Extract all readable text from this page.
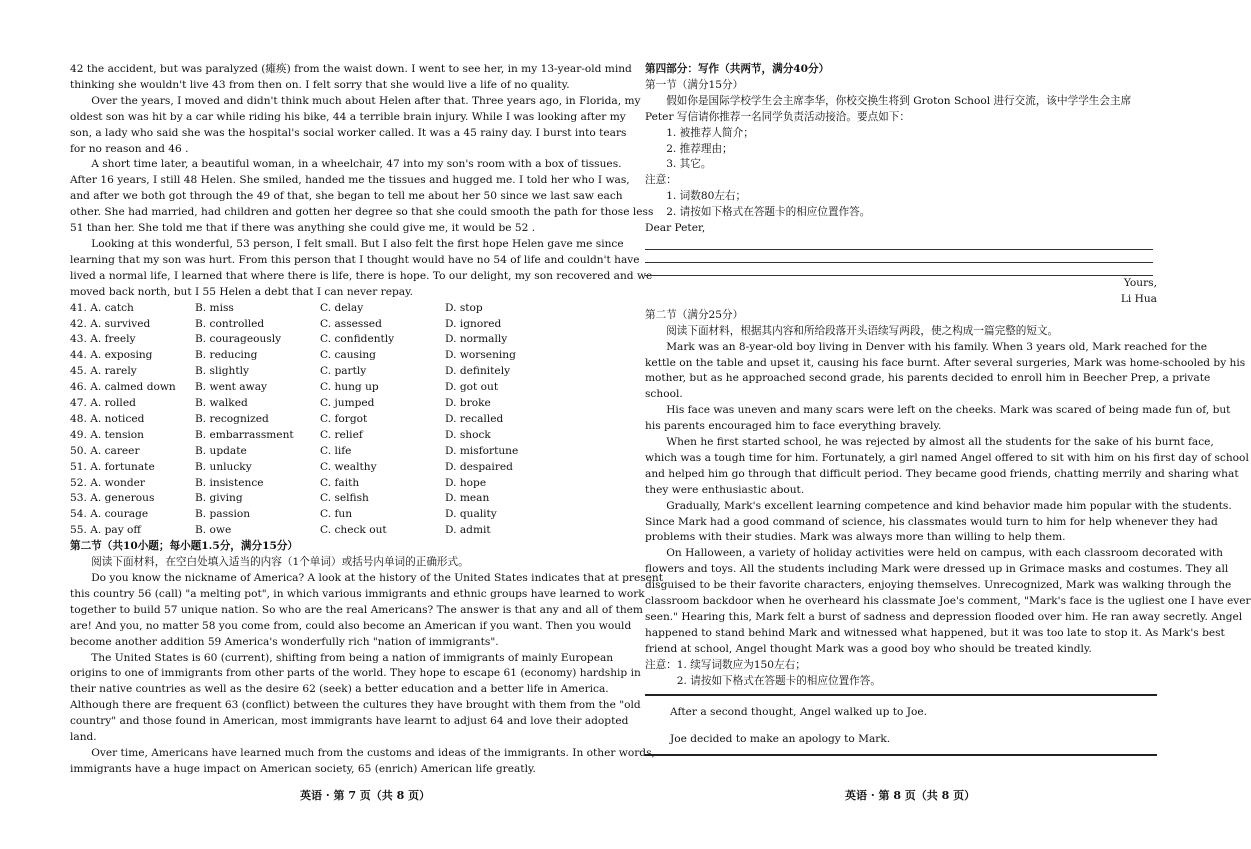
42 the accident, but was paralyzed (瘫痪) from the waist down. I went to see her, in my 13-year-old mind

thinking she wouldn't live 43 from then on. I felt sorry that she would live a life of no quality.

Over the years, I moved and didn't think much about Helen after that. Three years ago, in Florida, my

oldest son was hit by a car while riding his bike, 44 a terrible brain injury. While I was looking after my

son, a lady who said she was the hospital's social worker called. It was a 45 rainy day. I burst into tears

for no reason and 46 .

A short time later, a beautiful woman, in a wheelchair, 47 into my son's room with a box of tissues.

After 16 years, I still 48 Helen. She smiled, handed me the tissues and hugged me. I told her who I was,

and after we both got through the 49 of that, she began to tell me about her 50 since we last saw each

other. She had married, had children and gotten her degree so that she could smooth the path for those less

51 than her. She told me that if there was anything she could give me, it would be 52 .

Looking at this wonderful, 53 person, I felt small. But I also felt the first hope Helen gave me since

learning that my son was hurt. From this person that I thought would have no 54 of life and couldn't have

lived a normal life, I learned that where there is life, there is hope. To our delight, my son recovered and we

moved back north, but I 55 Helen a debt that I can never repay.

41. A. catch	B. miss	C. delay	D. stop
42. A. survived	B. controlled	C. assessed	D. ignored
43. A. freely	B. courageously	C. confidently	D. normally
44. A. exposing	B. reducing	C. causing	D. worsening
45. A. rarely	B. slightly	C. partly	D. definitely
46. A. calmed down	B. went away	C. hung up	D. got out
47. A. rolled	B. walked	C. jumped	D. broke
48. A. noticed	B. recognized	C. forgot	D. recalled
49. A. tension	B. embarrassment	C. relief	D. shock
50. A. career	B. update	C. life	D. misfortune
51. A. fortunate	B. unlucky	C. wealthy	D. despaired
52. A. wonder	B. insistence	C. faith	D. hope
53. A. generous	B. giving	C. selfish	D. mean
54. A. courage	B. passion	C. fun	D. quality
55. A. pay off	B. owe	C. check out	D. admit

第二节（共10小题；每小题1.5分，满分15分）

阅读下面材料，在空白处填入适当的内容（1个单词）或括号内单词的正确形式。

Do you know the nickname of America? A look at the history of the United States indicates that at present

this country 56 (call) "a melting pot", in which various immigrants and ethnic groups have learned to work

together to build 57 unique nation. So who are the real Americans? The answer is that any and all of them

are! And you, no matter 58 you come from, could also become an American if you want. Then you would

become another addition 59 America's wonderfully rich "nation of immigrants".

The United States is 60 (current), shifting from being a nation of immigrants of mainly European

origins to one of immigrants from other parts of the world. They hope to escape 61 (economy) hardship in

their native countries as well as the desire 62 (seek) a better education and a better life in America.

Although there are frequent 63 (conflict) between the cultures they have brought with them from the "old

country" and those found in American, most immigrants have learnt to adjust 64 and love their adopted

land.

Over time, Americans have learned much from the customs and ideas of the immigrants. In other words,

immigrants have a huge impact on American society, 65 (enrich) American life greatly.

英语 · 第 7 页（共 8 页）

第四部分：写作（共两节，满分40分）

第一节（满分15分）

假如你是国际学校学生会主席李华，你校交换生将到 Groton School 进行交流，该中学学生会主席

Peter 写信请你推荐一名同学负责活动接洽。要点如下：

1. 被推荐人简介；

2. 推荐理由；

3. 其它。

注意：

1. 词数80左右；

2. 请按如下格式在答题卡的相应位置作答。

Dear Peter,

Yours,

Li Hua

第二节（满分25分）

阅读下面材料，根据其内容和所给段落开头语续写两段，使之构成一篇完整的短文。

Mark was an 8-year-old boy living in Denver with his family. When 3 years old, Mark reached for the

kettle on the table and upset it, causing his face burnt. After several surgeries, Mark was home-schooled by his

mother, but as he approached second grade, his parents decided to enroll him in Beecher Prep, a private

school.

His face was uneven and many scars were left on the cheeks. Mark was scared of being made fun of, but

his parents encouraged him to face everything bravely.

When he first started school, he was rejected by almost all the students for the sake of his burnt face,

which was a tough time for him. Fortunately, a girl named Angel offered to sit with him on his first day of school

and helped him go through that difficult period. They became good friends, chatting merrily and sharing what

they were enthusiastic about.

Gradually, Mark's excellent learning competence and kind behavior made him popular with the students.

Since Mark had a good command of science, his classmates would turn to him for help whenever they had

problems with their studies. Mark was always more than willing to help them.

On Halloween, a variety of holiday activities were held on campus, with each classroom decorated with

flowers and toys. All the students including Mark were dressed up in Grimace masks and costumes. They all

disguised to be their favorite characters, enjoying themselves. Unrecognized, Mark was walking through the

classroom backdoor when he overheard his classmate Joe's comment, "Mark's face is the ugliest one I have ever

seen." Hearing this, Mark felt a burst of sadness and depression flooded over him. He ran away secretly. Angel

happened to stand behind Mark and witnessed what happened, but it was too late to stop it. As Mark's best

friend at school, Angel thought Mark was a good boy who should be treated kindly.

注意：1. 续写词数应为150左右；

2. 请按如下格式在答题卡的相应位置作答。

After a second thought, Angel walked up to Joe.

Joe decided to make an apology to Mark.

英语 · 第 8 页（共 8 页）
